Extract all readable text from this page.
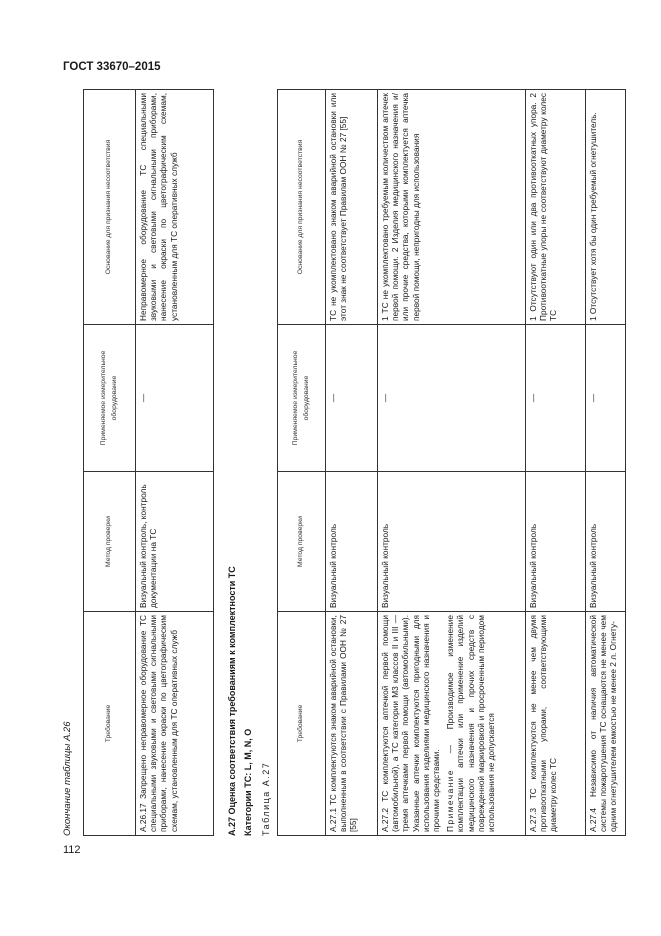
ГОСТ 33670–2015
Окончание таблицы А.26	Требование	Метод проверки	Применяемое измерительное оборудование	Основание для признания несоответствия
А.26.17 Запрещено неправомерное оборудование ТС специальными звуковыми и световыми сигнальными приборами, нанесение окраски по цветографическим схемам, установленным для ТС оперативных служб	Визуальный контроль, контроль документации на ТС	—	Неправомерное оборудование ТС специальными звуковыми и световыми сигнальными приборами, нанесение окраски по цветографическим схемам, установленным для ТС оперативных служб
А.27 Оценка соответствия требованиям к комплектности ТС Категории ТС: L, M, N, O Таблица А.27
Требование	Метод проверки	Применяемое измерительное оборудование	Основание для признания несоответствия
А.27.1 ТС комплектуются знаком аварийной остановки, выполненным в соответствии с Правилами ООН № 27 [55]	Визуальный контроль	—	ТС не укомплектовано знаком аварийной остановки или этот знак не соответствует Правилам ООН № 27 [55]

А.27.2 ТС комплектуются аптечкой первой помощи (автомобильной), а ТС категории M3 классов II и III — тремя аптечками первой помощи (автомобильными). Указанные аптечки комплектуются пригодными для использования изделиями медицинского назначения и прочими средствами. Примечание — Производимое изменение комплектации аптечки или применение изделий медицинского назначения и прочих средств с поврежденной маркировкой и просроченным периодом использования не допускается	Визуальный контроль	—	1 ТС не укомплектовано требуемым количеством аптечек первой помощи. 2 Изделия медицинского назначения и/или прочие средства, которыми комплектуется аптечка первой помощи, непригодны для использования
А.27.3 ТС комплектуются не менее чем двумя противооткатными упорами, соответствующими диаметру колес ТС	Визуальный контроль	—	1 Отсутствуют один или два противооткатных упора. 2 Противооткатные упоры не соответствуют диаметру колес ТС
А.27.4 Независимо от наличия автоматической системы пожаротушения ТС оснащаются не менее чем одним огнетушителем емкостью не менее 2 л. Огнету-	Визуальный контроль	—	1 Отсутствует хотя бы один требуемый огнетушитель.
112
